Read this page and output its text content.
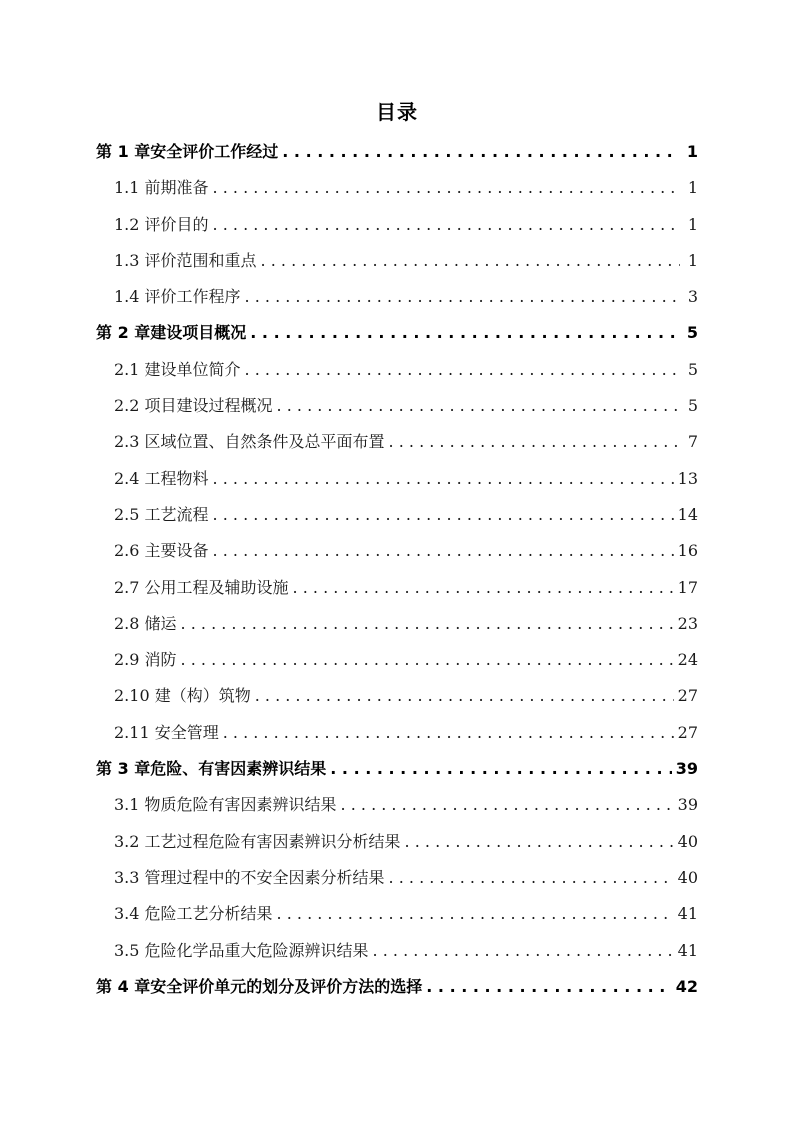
目录
第 1 章安全评价工作经过 . . .	1
1.1 前期准备 . . .	1
1.2 评价目的 . . .	1
1.3 评价范围和重点 . . .	1
1.4 评价工作程序 . . .	3
第 2 章建设项目概况 . . .	5
2.1 建设单位简介 . . .	5
2.2 项目建设过程概况 . . .	5
2.3 区域位置、自然条件及总平面布置 . . .	7
2.4 工程物料 . . .	13
2.5 工艺流程 . . .	14
2.6 主要设备 . . .	16
2.7 公用工程及辅助设施 . . .	17
2.8 储运 . . .	23
2.9 消防 . . .	24
2.10 建（构）筑物 . . .	27
2.11 安全管理 . . .	27
第 3 章危险、有害因素辨识结果 . . .	39
3.1 物质危险有害因素辨识结果 . . .	39
3.2 工艺过程危险有害因素辨识分析结果 . . .	40
3.3 管理过程中的不安全因素分析结果 . . .	40
3.4 危险工艺分析结果 . . .	41
3.5 危险化学品重大危险源辨识结果 . . .	41
第 4 章安全评价单元的划分及评价方法的选择 . . .	42
